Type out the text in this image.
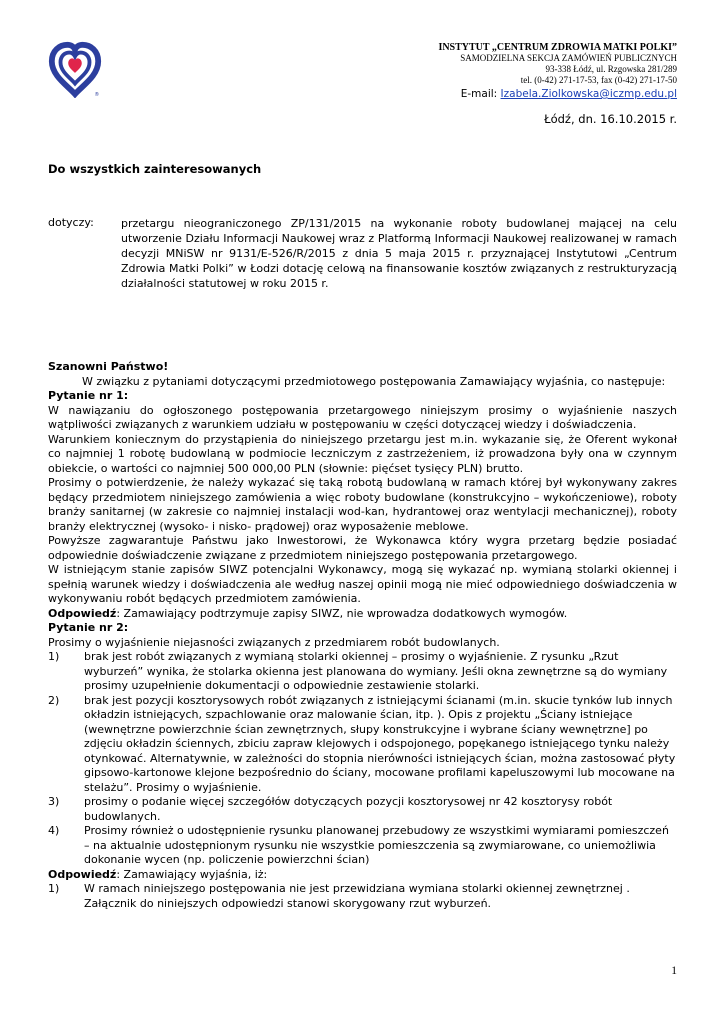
®
INSTYTUT „CENTRUM ZDROWIA MATKI POLKI”
SAMODZIELNA SEKCJA ZAMÓWIEŃ PUBLICZNYCH
93-338 Łódź, ul. Rzgowska 281/289
tel. (0-42) 271-17-53, fax (0-42) 271-17-50
E-mail: Izabela.Ziolkowska@iczmp.edu.pl
Łódź, dn. 16.10.2015 r.
Do wszystkich zainteresowanych
dotyczy: przetargu nieograniczonego ZP/131/2015 na wykonanie roboty budowlanej mającej na celu utworzenie Działu Informacji Naukowej wraz z Platformą Informacji Naukowej realizowanej w ramach decyzji MNiSW nr 9131/E-526/R/2015 z dnia 5 maja 2015 r. przyznającej Instytutowi „Centrum Zdrowia Matki Polki” w Łodzi dotację celową na finansowanie kosztów związanych z restrukturyzacją działalności statutowej w roku 2015 r.

Szanowni Państwo!

W związku z pytaniami dotyczącymi przedmiotowego postępowania Zamawiający wyjaśnia, co następuje:

Pytanie nr 1:

W nawiązaniu do ogłoszonego postępowania przetargowego niniejszym prosimy o wyjaśnienie naszych wątpliwości związanych z warunkiem udziału w postępowaniu w części dotyczącej wiedzy i doświadczenia.

Warunkiem koniecznym do przystąpienia do niniejszego przetargu jest m.in. wykazanie się, że Oferent wykonał co najmniej 1 robotę budowlaną w podmiocie leczniczym z zastrzeżeniem, iż prowadzona były ona w czynnym obiekcie, o wartości co najmniej 500 000,00 PLN (słownie: pięćset tysięcy PLN) brutto.

Prosimy o potwierdzenie, że należy wykazać się taką robotą budowlaną w ramach której był wykonywany zakres będący przedmiotem niniejszego zamówienia a więc roboty budowlane (konstrukcyjno – wykończeniowe), roboty branży sanitarnej (w zakresie co najmniej instalacji wod-kan, hydrantowej oraz wentylacji mechanicznej), roboty branży elektrycznej (wysoko- i nisko- prądowej) oraz wyposażenie meblowe.

Powyższe zagwarantuje Państwu jako Inwestorowi, że Wykonawca który wygra przetarg będzie posiadać odpowiednie doświadczenie związane z przedmiotem niniejszego postępowania przetargowego.

W istniejącym stanie zapisów SIWZ potencjalni Wykonawcy, mogą się wykazać np. wymianą stolarki okiennej i spełnią warunek wiedzy i doświadczenia ale według naszej opinii mogą nie mieć odpowiedniego doświadczenia w wykonywaniu robót będących przedmiotem zamówienia.

Odpowiedź: Zamawiający podtrzymuje zapisy SIWZ, nie wprowadza dodatkowych wymogów.

Pytanie nr 2:

Prosimy o wyjaśnienie niejasności związanych z przedmiarem robót budowlanych.

1)	brak jest robót związanych z wymianą stolarki okiennej – prosimy o wyjaśnienie. Z rysunku „Rzut wyburzeń” wynika, że stolarka okienna jest planowana do wymiany. Jeśli okna zewnętrzne są do wymiany prosimy uzupełnienie dokumentacji o odpowiednie zestawienie stolarki.
2)	brak jest pozycji kosztorysowych robót związanych z istniejącymi ścianami (m.in. skucie tynków lub innych okładzin istniejących, szpachlowanie oraz malowanie ścian, itp. ). Opis z projektu „Ściany istniejące (wewnętrzne powierzchnie ścian zewnętrznych, słupy konstrukcyjne i wybrane ściany wewnętrzne] po zdjęciu okładzin ściennych, zbiciu zapraw klejowych i odspojonego, popękanego istniejącego tynku należy otynkować. Alternatywnie, w zależności do stopnia nierówności istniejących ścian, można zastosować płyty gipsowo-kartonowe klejone bezpośrednio do ściany, mocowane profilami kapeluszowymi lub mocowane na stelażu”. Prosimy o wyjaśnienie.
3)	prosimy o podanie więcej szczegółów dotyczących pozycji kosztorysowej nr 42 kosztorysy robót budowlanych.
4)	Prosimy również o udostępnienie rysunku planowanej przebudowy ze wszystkimi wymiarami pomieszczeń – na aktualnie udostępnionym rysunku nie wszystkie pomieszczenia są zwymiarowane, co uniemożliwia dokonanie wycen (np. policzenie powierzchni ścian)

Odpowiedź: Zamawiający wyjaśnia, iż:

1)	W ramach niniejszego postępowania nie jest przewidziana wymiana stolarki okiennej zewnętrznej . Załącznik do niniejszych odpowiedzi stanowi skorygowany rzut wyburzeń.
1
